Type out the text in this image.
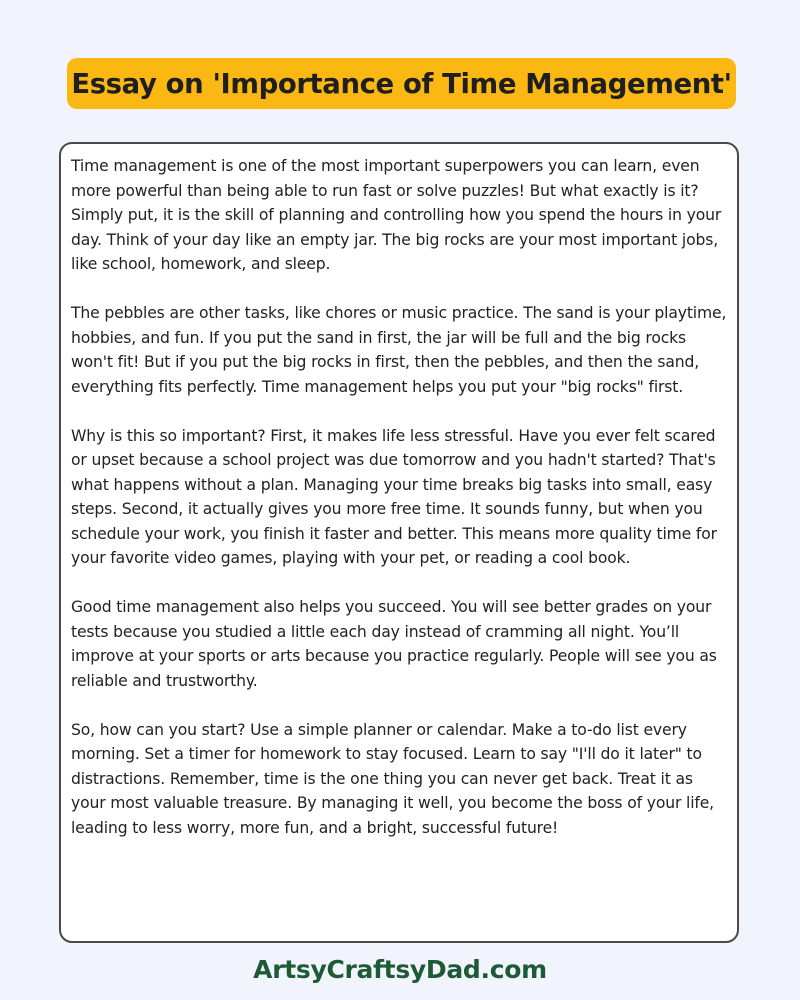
Essay on 'Importance of Time Management'

Time management is one of the most important superpowers you can learn, even more powerful than being able to run fast or solve puzzles! But what exactly is it? Simply put, it is the skill of planning and controlling how you spend the hours in your day. Think of your day like an empty jar. The big rocks are your most important jobs, like school, homework, and sleep.

The pebbles are other tasks, like chores or music practice. The sand is your playtime, hobbies, and fun. If you put the sand in first, the jar will be full and the big rocks won't fit! But if you put the big rocks in first, then the pebbles, and then the sand, everything fits perfectly. Time management helps you put your "big rocks" first.

Why is this so important? First, it makes life less stressful. Have you ever felt scared or upset because a school project was due tomorrow and you hadn't started? That's what happens without a plan. Managing your time breaks big tasks into small, easy steps. Second, it actually gives you more free time. It sounds funny, but when you schedule your work, you finish it faster and better. This means more quality time for your favorite video games, playing with your pet, or reading a cool book.

Good time management also helps you succeed. You will see better grades on your tests because you studied a little each day instead of cramming all night. You’ll improve at your sports or arts because you practice regularly. People will see you as reliable and trustworthy.

So, how can you start? Use a simple planner or calendar. Make a to-do list every morning. Set a timer for homework to stay focused. Learn to say "I'll do it later" to distractions. Remember, time is the one thing you can never get back. Treat it as your most valuable treasure. By managing it well, you become the boss of your life, leading to less worry, more fun, and a bright, successful future!

ArtsyCraftsyDad.com
